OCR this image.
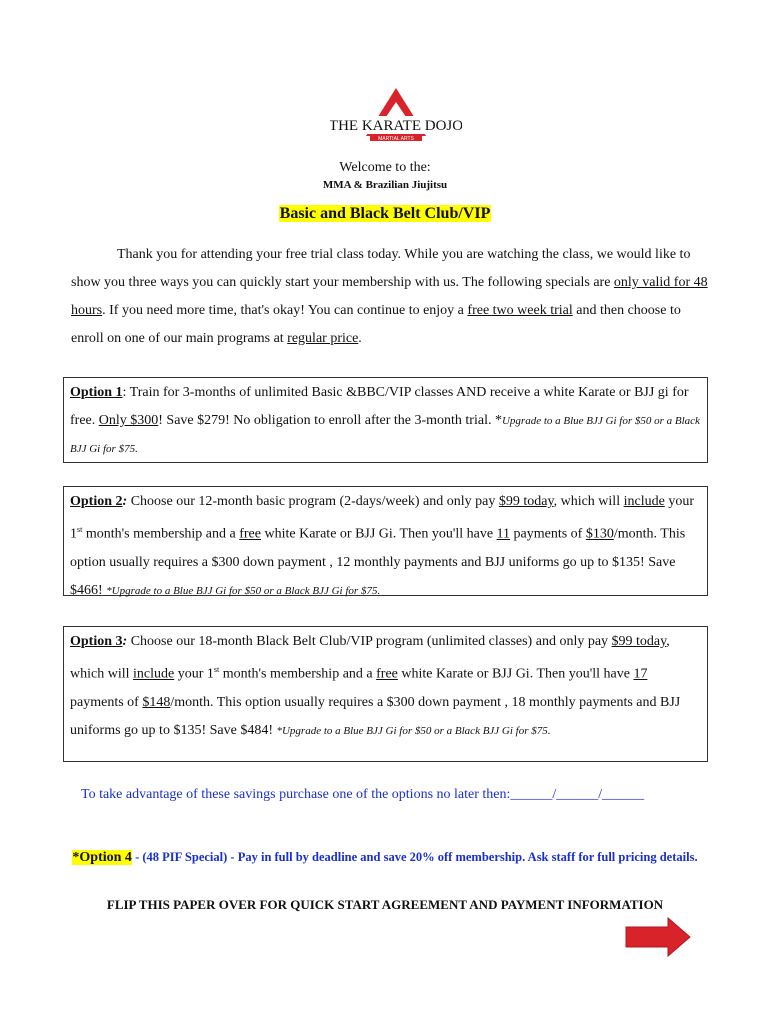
THE KARATE DOJO
MARTIAL ARTS
Welcome to the:
MMA & Brazilian Jiujitsu
Basic and Black Belt Club/VIP
Thank you for attending your free trial class today. While you are watching the class, we would like to show you three ways you can quickly start your membership with us. The following specials are only valid for 48 hours. If you need more time, that's okay! You can continue to enjoy a free two week trial and then choose to enroll on one of our main programs at regular price.
Option 1: Train for 3-months of unlimited Basic &BBC/VIP classes AND receive a white Karate or BJJ gi for free. Only $300! Save $279! No obligation to enroll after the 3-month trial. *Upgrade to a Blue BJJ Gi for $50 or a Black BJJ Gi for $75.
Option 2: Choose our 12-month basic program (2-days/week) and only pay $99 today, which will include your 1st month's membership and a free white Karate or BJJ Gi. Then you'll have 11 payments of $130/month. This option usually requires a $300 down payment , 12 monthly payments and BJJ uniforms go up to $135! Save $466! *Upgrade to a Blue BJJ Gi for $50 or a Black BJJ Gi for $75.
Option 3: Choose our 18-month Black Belt Club/VIP program (unlimited classes) and only pay $99 today, which will include your 1st month's membership and a free white Karate or BJJ Gi. Then you'll have 17 payments of $148/month. This option usually requires a $300 down payment , 18 monthly payments and BJJ uniforms go up to $135! Save $484! *Upgrade to a Blue BJJ Gi for $50 or a Black BJJ Gi for $75.
To take advantage of these savings purchase one of the options no later then:______/______/______
*Option 4 - (48 PIF Special) - Pay in full by deadline and save 20% off membership. Ask staff for full pricing details.
FLIP THIS PAPER OVER FOR QUICK START AGREEMENT AND PAYMENT INFORMATION
